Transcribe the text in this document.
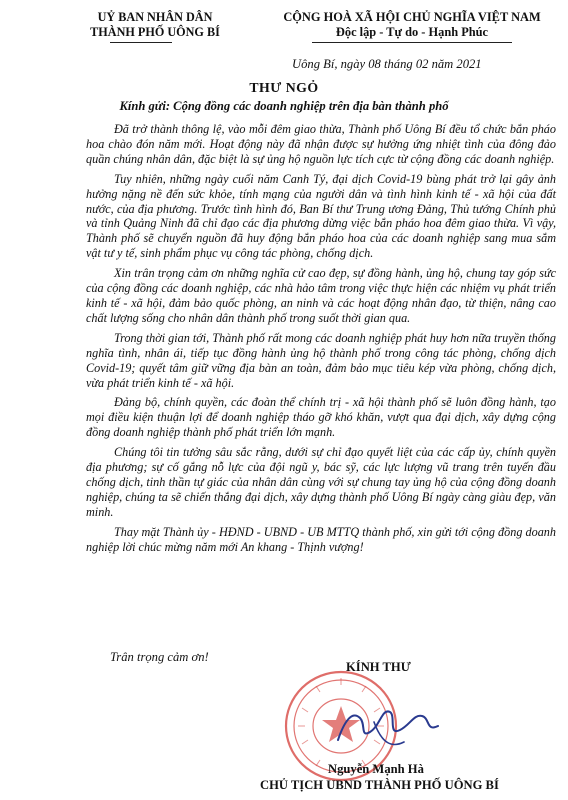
UỶ BAN NHÂN DÂN
THÀNH PHỐ UÔNG BÍ
CỘNG HOÀ XÃ HỘI CHỦ NGHĨA VIỆT NAM
Độc lập - Tự do - Hạnh Phúc
Uông Bí, ngày 08 tháng 02 năm 2021
THƯ NGỎ
Kính gửi: Cộng đồng các doanh nghiệp trên địa bàn thành phố

Đã trở thành thông lệ, vào mỗi đêm giao thừa, Thành phố Uông Bí đều tổ chức bắn pháo hoa chào đón năm mới. Hoạt động này đã nhận được sự hưởng ứng nhiệt tình của đông đảo quần chúng nhân dân, đặc biệt là sự ủng hộ nguồn lực tích cực từ cộng đồng các doanh nghiệp.

Tuy nhiên, những ngày cuối năm Canh Tý, đại dịch Covid-19 bùng phát trở lại gây ảnh hưởng nặng nề đến sức khỏe, tính mạng của người dân và tình hình kinh tế - xã hội của đất nước, của địa phương. Trước tình hình đó, Ban Bí thư Trung ương Đảng, Thủ tướng Chính phủ và tỉnh Quảng Ninh đã chỉ đạo các địa phương dừng việc bắn pháo hoa đêm giao thừa. Vì vậy, Thành phố sẽ chuyển nguồn đã huy động bắn pháo hoa của các doanh nghiệp sang mua sắm vật tư y tế, sinh phẩm phục vụ công tác phòng, chống dịch.

Xin trân trọng cảm ơn những nghĩa cử cao đẹp, sự đồng hành, ủng hộ, chung tay góp sức của cộng đồng các doanh nghiệp, các nhà hảo tâm trong việc thực hiện các nhiệm vụ phát triển kinh tế - xã hội, đảm bảo quốc phòng, an ninh và các hoạt động nhân đạo, từ thiện, nâng cao chất lượng sống cho nhân dân thành phố trong suốt thời gian qua.

Trong thời gian tới, Thành phố rất mong các doanh nghiệp phát huy hơn nữa truyền thống nghĩa tình, nhân ái, tiếp tục đồng hành ủng hộ thành phố trong công tác phòng, chống dịch Covid-19; quyết tâm giữ vững địa bàn an toàn, đảm bảo mục tiêu kép vừa phòng, chống dịch, vừa phát triển kinh tế - xã hội.

Đảng bộ, chính quyền, các đoàn thể chính trị - xã hội thành phố sẽ luôn đồng hành, tạo mọi điều kiện thuận lợi để doanh nghiệp tháo gỡ khó khăn, vượt qua đại dịch, xây dựng cộng đồng doanh nghiệp thành phố phát triển lớn mạnh.

Chúng tôi tin tưởng sâu sắc rằng, dưới sự chỉ đạo quyết liệt của các cấp ủy, chính quyền địa phương; sự cố gắng nỗ lực của đội ngũ y, bác sỹ, các lực lượng vũ trang trên tuyến đầu chống dịch, tinh thần tự giác của nhân dân cùng với sự chung tay ủng hộ của cộng đồng doanh nghiệp, chúng ta sẽ chiến thắng đại dịch, xây dựng thành phố Uông Bí ngày càng giàu đẹp, văn minh.

Thay mặt Thành ủy - HĐND - UBND - UB MTTQ thành phố, xin gửi tới cộng đồng doanh nghiệp lời chúc mừng năm mới An khang - Thịnh vượng!

Trân trọng cảm ơn!
KÍNH THƯ
Nguyễn Mạnh Hà
CHỦ TỊCH UBND THÀNH PHỐ UÔNG BÍ
